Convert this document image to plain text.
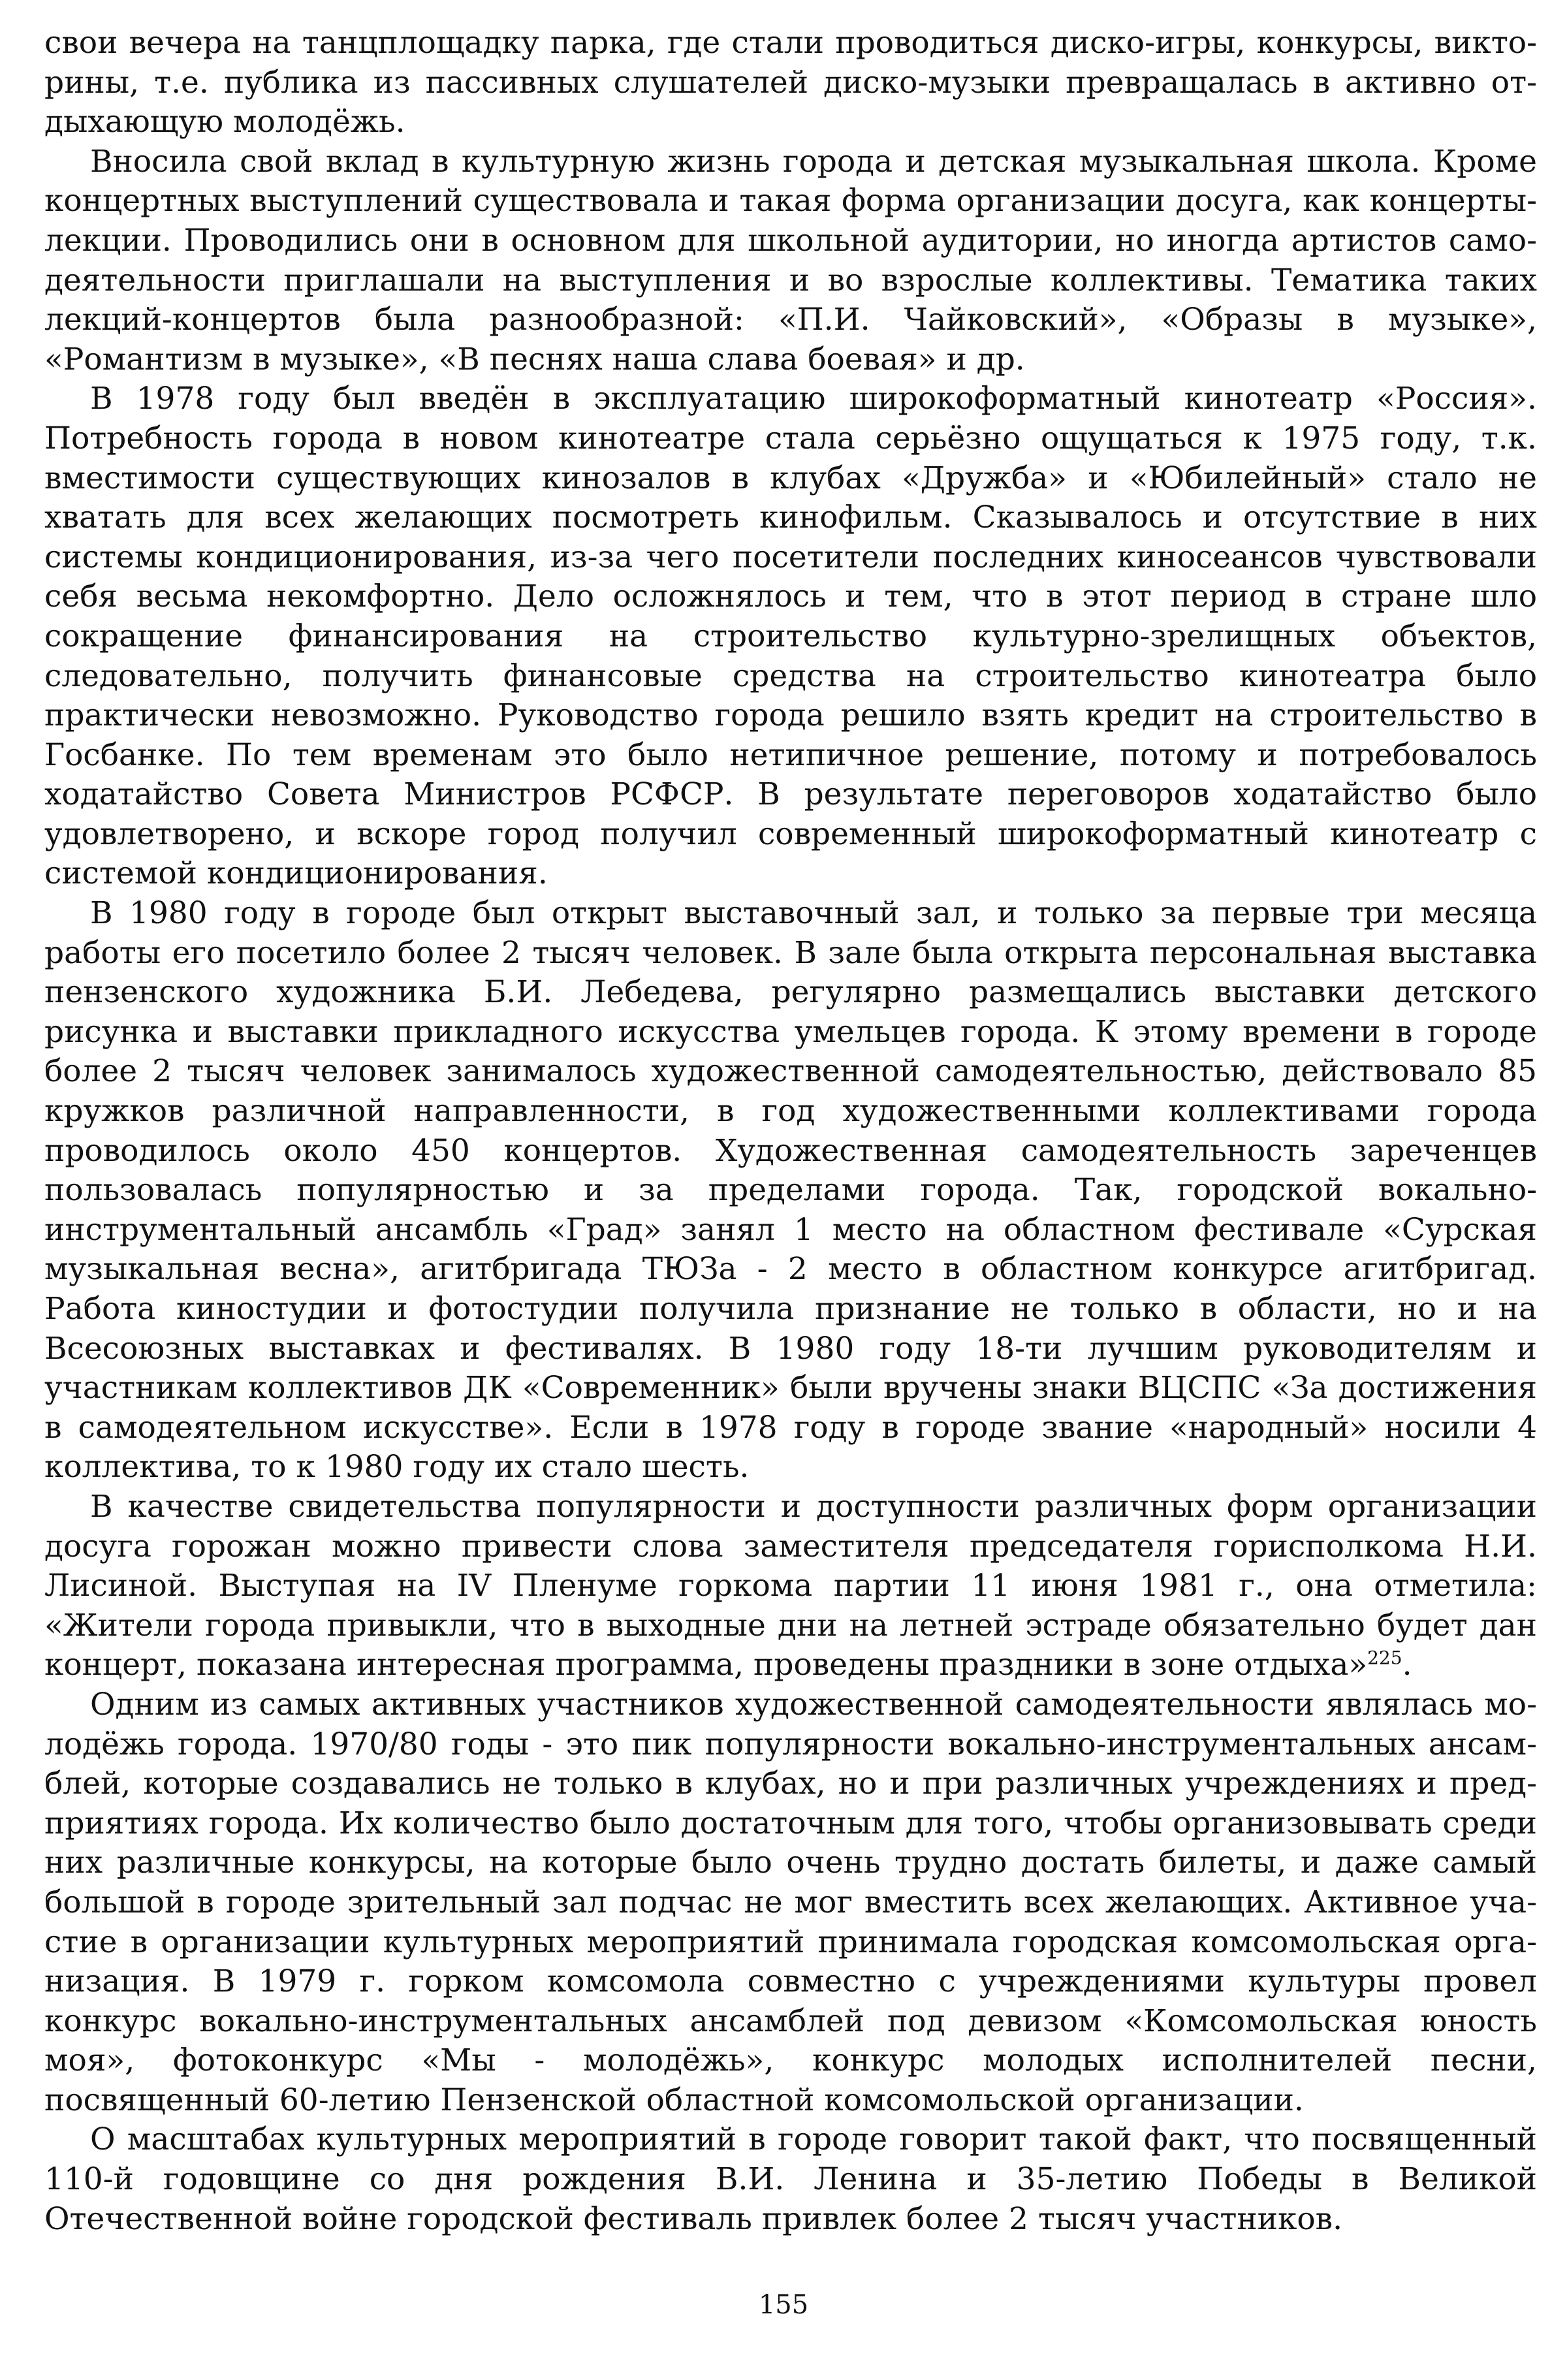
свои вечера на танцплощадку парка, где стали проводиться диско-игры, конкурсы, викторины, т.е. публика из пассивных слушателей диско-музыки превращалась в активно отдыхающую молодёжь.

Вносила свой вклад в культурную жизнь города и детская музыкальная школа. Кроме концертных выступлений существовала и такая форма организации досуга, как концерты-лекции. Проводились они в основном для школьной аудитории, но иногда артистов самодеятельности приглашали на выступления и во взрослые коллективы. Тематика таких лекций-концертов была разнообразной: «П.И. Чайковский», «Образы в музыке», «Романтизм в музыке», «В песнях наша слава боевая» и др.

В 1978 году был введён в эксплуатацию широкоформатный кинотеатр «Россия». Потребность города в новом кинотеатре стала серьёзно ощущаться к 1975 году, т.к. вместимости существующих кинозалов в клубах «Дружба» и «Юбилейный» стало не хватать для всех желающих посмотреть кинофильм. Сказывалось и отсутствие в них системы кондиционирования, из-за чего посетители последних киносеансов чувствовали себя весьма некомфортно. Дело осложнялось и тем, что в этот период в стране шло сокращение финансирования на строительство культурно-зрелищных объектов, следовательно, получить финансовые средства на строительство кинотеатра было практически невозможно. Руководство города решило взять кредит на строительство в Госбанке. По тем временам это было нетипичное решение, потому и потребовалось ходатайство Совета Министров РСФСР. В результате переговоров ходатайство было удовлетворено, и вскоре город получил современный широкоформатный кинотеатр с системой кондиционирования.

В 1980 году в городе был открыт выставочный зал, и только за первые три месяца работы его посетило более 2 тысяч человек. В зале была открыта персональная выставка пензенского художника Б.И. Лебедева, регулярно размещались выставки детского рисунка и выставки прикладного искусства умельцев города. К этому времени в городе более 2 тысяч человек занималось художественной самодеятельностью, действовало 85 кружков различной направленности, в год художественными коллективами города проводилось около 450 концертов. Художественная самодеятельность зареченцев пользовалась популярностью и за пределами города. Так, городской вокально-инструментальный ансамбль «Град» занял 1 место на областном фестивале «Сурская музыкальная весна», агитбригада ТЮЗа - 2 место в областном конкурсе агитбригад. Работа киностудии и фотостудии получила признание не только в области, но и на Всесоюзных выставках и фестивалях. В 1980 году 18-ти лучшим руководителям и участникам коллективов ДК «Современник» были вручены знаки ВЦСПС «За достижения в самодеятельном искусстве». Если в 1978 году в городе звание «народный» носили 4 коллектива, то к 1980 году их стало шесть.

В качестве свидетельства популярности и доступности различных форм организации досуга горожан можно привести слова заместителя председателя горисполкома Н.И. Лисиной. Выступая на IV Пленуме горкома партии 11 июня 1981 г., она отметила: «Жители города привыкли, что в выходные дни на летней эстраде обязательно будет дан концерт, показана интересная программа, проведены праздники в зоне отдыха»$^{225}$.

Одним из самых активных участников художественной самодеятельности являлась молодёжь города. 1970/80 годы - это пик популярности вокально-инструментальных ансамблей, которые создавались не только в клубах, но и при различных учреждениях и предприятиях города. Их количество было достаточным для того, чтобы организовывать среди них различные конкурсы, на которые было очень трудно достать билеты, и даже самый большой в городе зрительный зал подчас не мог вместить всех желающих. Активное участие в организации культурных мероприятий принимала городская комсомольская организация. В 1979 г. горком комсомола совместно с учреждениями культуры провел конкурс вокально-инструментальных ансамблей под девизом «Комсомольская юность моя», фотоконкурс «Мы - молодёжь», конкурс молодых исполнителей песни, посвященный 60-летию Пензенской областной комсомольской организации.

О масштабах культурных мероприятий в городе говорит такой факт, что посвященный 110-й годовщине со дня рождения В.И. Ленина и 35-летию Победы в Великой Отечественной войне городской фестиваль привлек более 2 тысяч участников.

155
